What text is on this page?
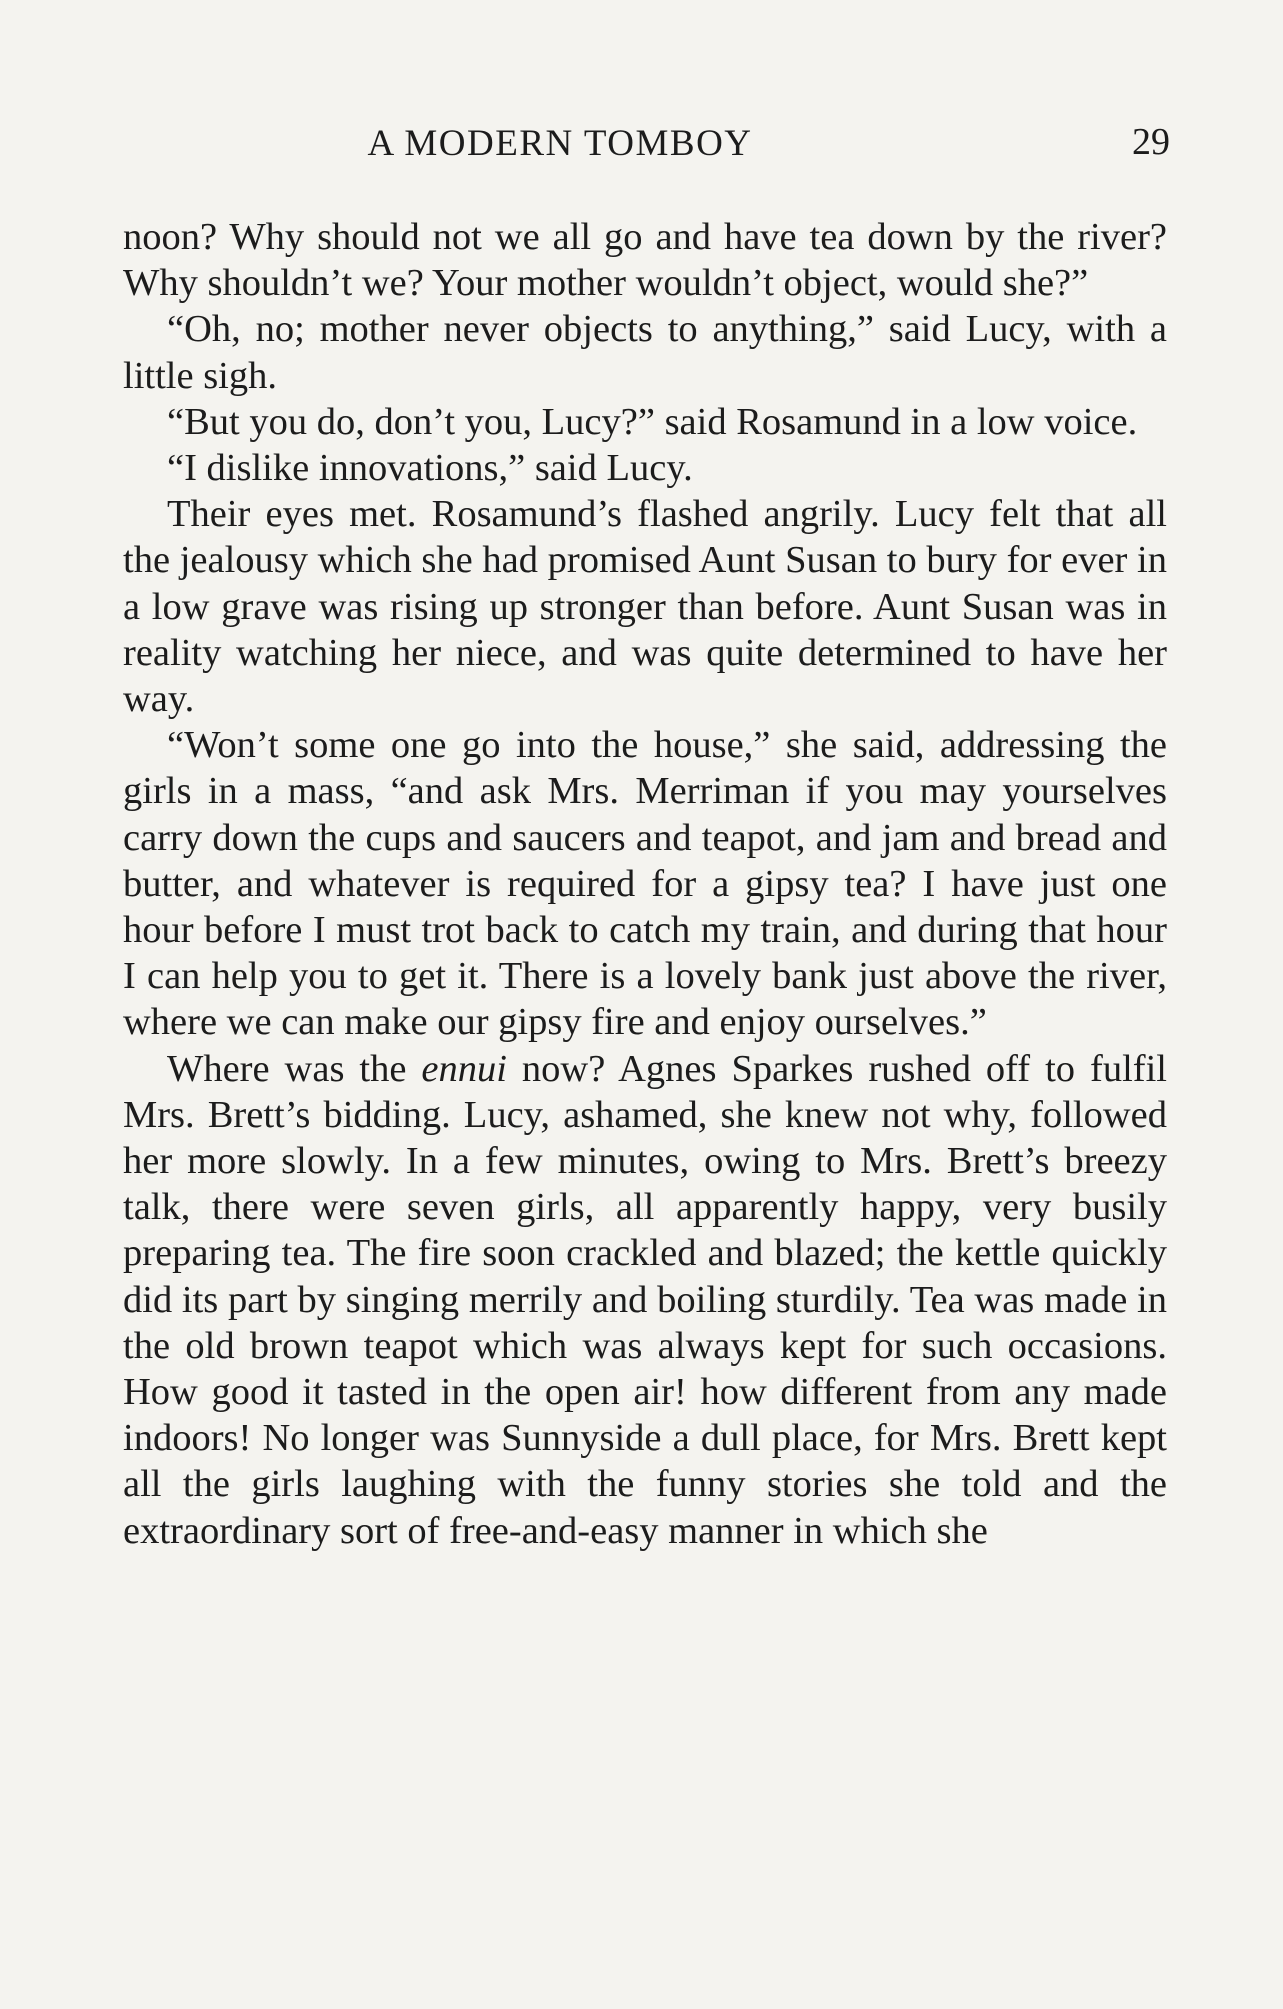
A MODERN TOMBOY	29

noon? Why should not we all go and have tea down by the river? Why shouldn’t we? Your mother wouldn’t object, would she?”

“Oh, no; mother never objects to anything,” said Lucy, with a little sigh.

“But you do, don’t you, Lucy?” said Rosamund in a low voice.

“I dislike innovations,” said Lucy.

Their eyes met. Rosamund’s flashed angrily. Lucy felt that all the jealousy which she had promised Aunt Susan to bury for ever in a low grave was rising up stronger than before. Aunt Susan was in reality watching her niece, and was quite determined to have her way.

“Won’t some one go into the house,” she said, addressing the girls in a mass, “and ask Mrs. Merriman if you may yourselves carry down the cups and saucers and teapot, and jam and bread and butter, and whatever is required for a gipsy tea? I have just one hour before I must trot back to catch my train, and during that hour I can help you to get it. There is a lovely bank just above the river, where we can make our gipsy fire and enjoy ourselves.”

Where was the ennui now? Agnes Sparkes rushed off to fulfil Mrs. Brett’s bidding. Lucy, ashamed, she knew not why, followed her more slowly. In a few minutes, owing to Mrs. Brett’s breezy talk, there were seven girls, all apparently happy, very busily preparing tea. The fire soon crackled and blazed; the kettle quickly did its part by singing merrily and boiling sturdily. Tea was made in the old brown teapot which was always kept for such occasions. How good it tasted in the open air! how different from any made indoors! No longer was Sunnyside a dull place, for Mrs. Brett kept all the girls laughing with the funny stories she told and the extraordinary sort of free-and-easy manner in which she
